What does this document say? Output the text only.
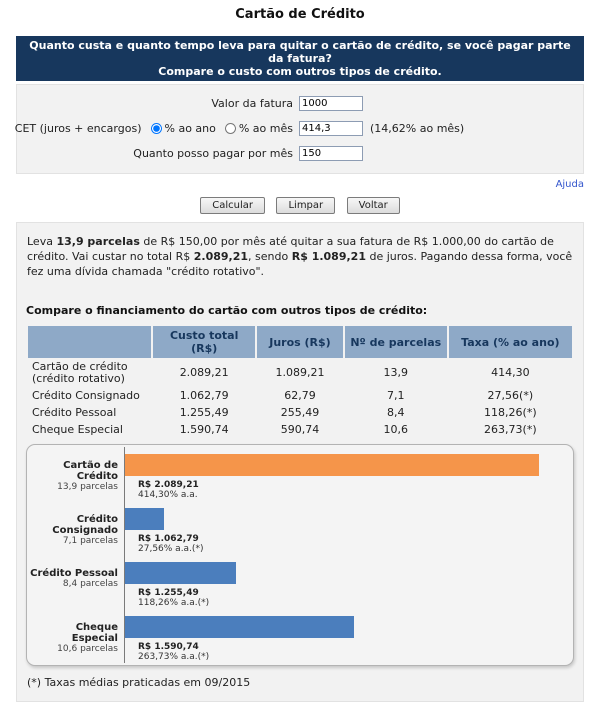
Cartão de Crédito
Quanto custa e quanto tempo leva para quitar o cartão de crédito, se você pagar parte da fatura?
Compare o custo com outros tipos de crédito.
Valor da fatura
1000
CET (juros + encargos) % ao ano % ao mês
414,3	(14,62% ao mês)
Quanto posso pagar por mês
150
Ajuda
Calcular	Limpar	Voltar
Leva 13,9 parcelas de R$ 150,00 por mês até quitar a sua fatura de R$ 1.000,00 do cartão de crédito. Vai custar no total R$ 2.089,21, sendo R$ 1.089,21 de juros. Pagando dessa forma, você fez uma dívida chamada "crédito rotativo".
Compare o financiamento do cartão com outros tipos de crédito:
	Custo total (R$)	Juros (R$)	Nº de parcelas	Taxa (% ao ano)
Cartão de crédito
(crédito rotativo)	2.089,21	1.089,21	13,9	414,30
Crédito Consignado	1.062,79	62,79	7,1	27,56(*)
Crédito Pessoal	1.255,49	255,49	8,4	118,26(*)
Cheque Especial	1.590,74	590,74	10,6	263,73(*)
Cartão de Crédito
13,9 parcelas R$ 2.089,21
414,30% a.a.
Crédito Consignado
7,1 parcelas R$ 1.062,79
27,56% a.a.(*)
Crédito Pessoal
8,4 parcelas
R$ 1.255,49
118,26% a.a.(*)
Cheque Especial
10,6 parcelas R$ 1.590,74
263,73% a.a.(*)
(*) Taxas médias praticadas em 09/2015
